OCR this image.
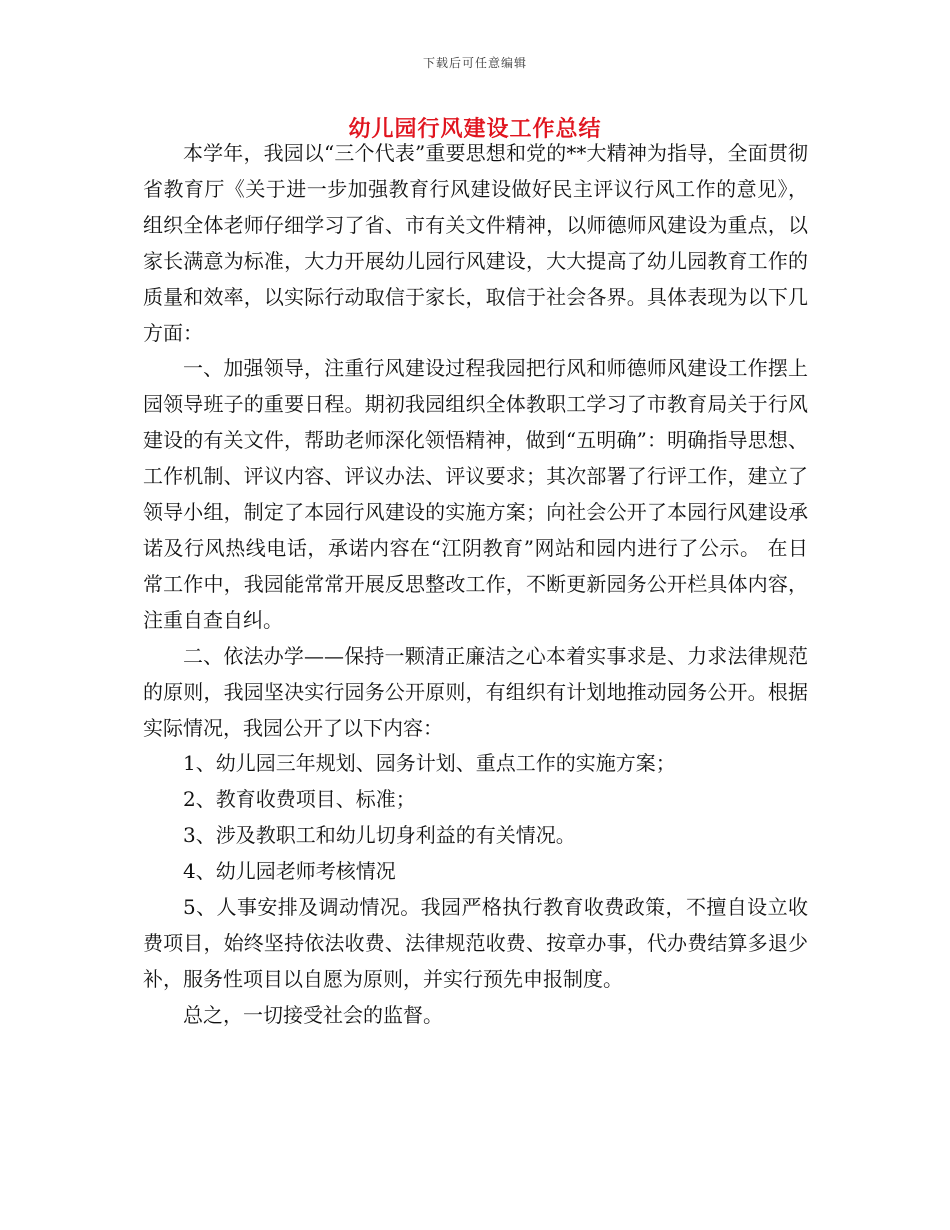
下载后可任意编辑
幼儿园行风建设工作总结

本学年，我园以“三个代表”重要思想和党的**大精神为指导，全面贯彻省教育厅《关于进一步加强教育行风建设做好民主评议行风工作的意见》，组织全体老师仔细学习了省、市有关文件精神，以师德师风建设为重点，以家长满意为标准，大力开展幼儿园行风建设，大大提高了幼儿园教育工作的质量和效率，以实际行动取信于家长，取信于社会各界。具体表现为以下几方面：

一、加强领导，注重行风建设过程我园把行风和师德师风建设工作摆上园领导班子的重要日程。期初我园组织全体教职工学习了市教育局关于行风建设的有关文件，帮助老师深化领悟精神，做到“五明确”：明确指导思想、工作机制、评议内容、评议办法、评议要求；其次部署了行评工作，建立了领导小组，制定了本园行风建设的实施方案；向社会公开了本园行风建设承诺及行风热线电话，承诺内容在“江阴教育”网站和园内进行了公示。 在日常工作中，我园能常常开展反思整改工作，不断更新园务公开栏具体内容，注重自查自纠。

二、依法办学——保持一颗清正廉洁之心本着实事求是、力求法律规范的原则，我园坚决实行园务公开原则，有组织有计划地推动园务公开。根据实际情况，我园公开了以下内容：

1、幼儿园三年规划、园务计划、重点工作的实施方案；

2、教育收费项目、标准；

3、涉及教职工和幼儿切身利益的有关情况。

4、幼儿园老师考核情况

5、人事安排及调动情况。我园严格执行教育收费政策，不擅自设立收费项目，始终坚持依法收费、法律规范收费、按章办事，代办费结算多退少补，服务性项目以自愿为原则，并实行预先申报制度。

总之，一切接受社会的监督。
